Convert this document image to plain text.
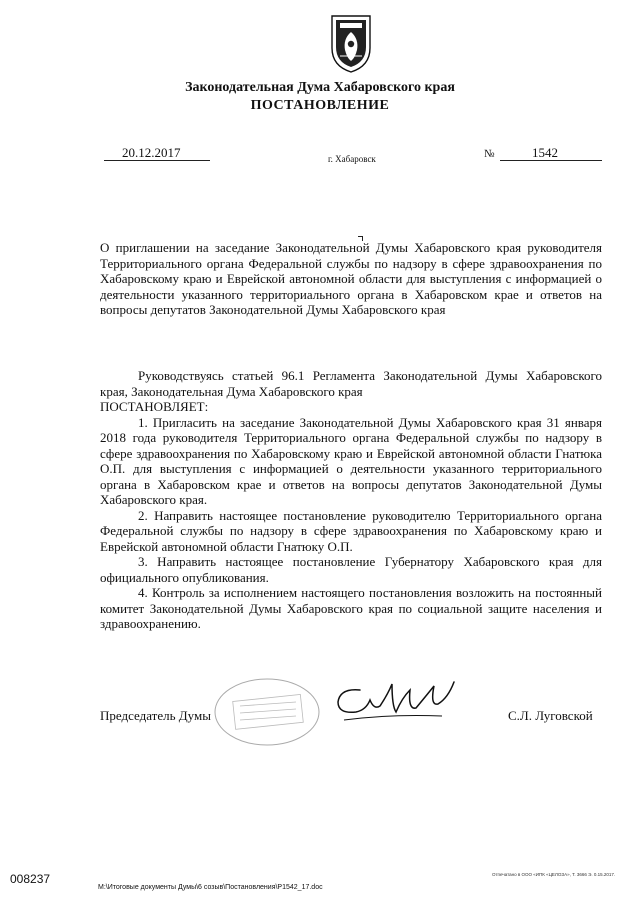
Законодательная Дума Хабаровского края
ПОСТАНОВЛЕНИЕ
20.12.2017	г. Хабаровск	№	1542
О приглашении на заседание Законодательной Думы Хабаровского края руководителя Территориального органа Федеральной службы по надзору в сфере здравоохранения по Хабаровскому краю и Еврейской автономной области для выступления с информацией о деятельности указанного территориального органа в Хабаровском крае и ответов на вопросы депутатов Законодательной Думы Хабаровского края

Руководствуясь статьей 96.1 Регламента Законодательной Думы Хабаровского края, Законодательная Дума Хабаровского края

ПОСТАНОВЛЯЕТ:

1. Пригласить на заседание Законодательной Думы Хабаровского края 31 января 2018 года руководителя Территориального органа Федеральной службы по надзору в сфере здравоохранения по Хабаровскому краю и Еврейской автономной области Гнатюка О.П. для выступления с информацией о деятельности указанного территориального органа в Хабаровском крае и ответов на вопросы депутатов Законодательной Думы Хабаровского края.

2. Направить настоящее постановление руководителю Территориального органа Федеральной службы по надзору в сфере здравоохранения по Хабаровскому краю и Еврейской автономной области Гнатюку О.П.

3. Направить настоящее постановление Губернатору Хабаровского края для официального опубликования.

4. Контроль за исполнением настоящего постановления возложить на постоянный комитет Законодательной Думы Хабаровского края по социальной защите населения и здравоохранению.

Председатель Думы	С.Л. Луговской
008237
М:\Итоговые документы Думы\6 созыв\Постановления\P1542_17.doc
Отпечатано в ООО «ИПК «ЦЕЛОЗА», Т. 3666 Э. 0.15.2017.
